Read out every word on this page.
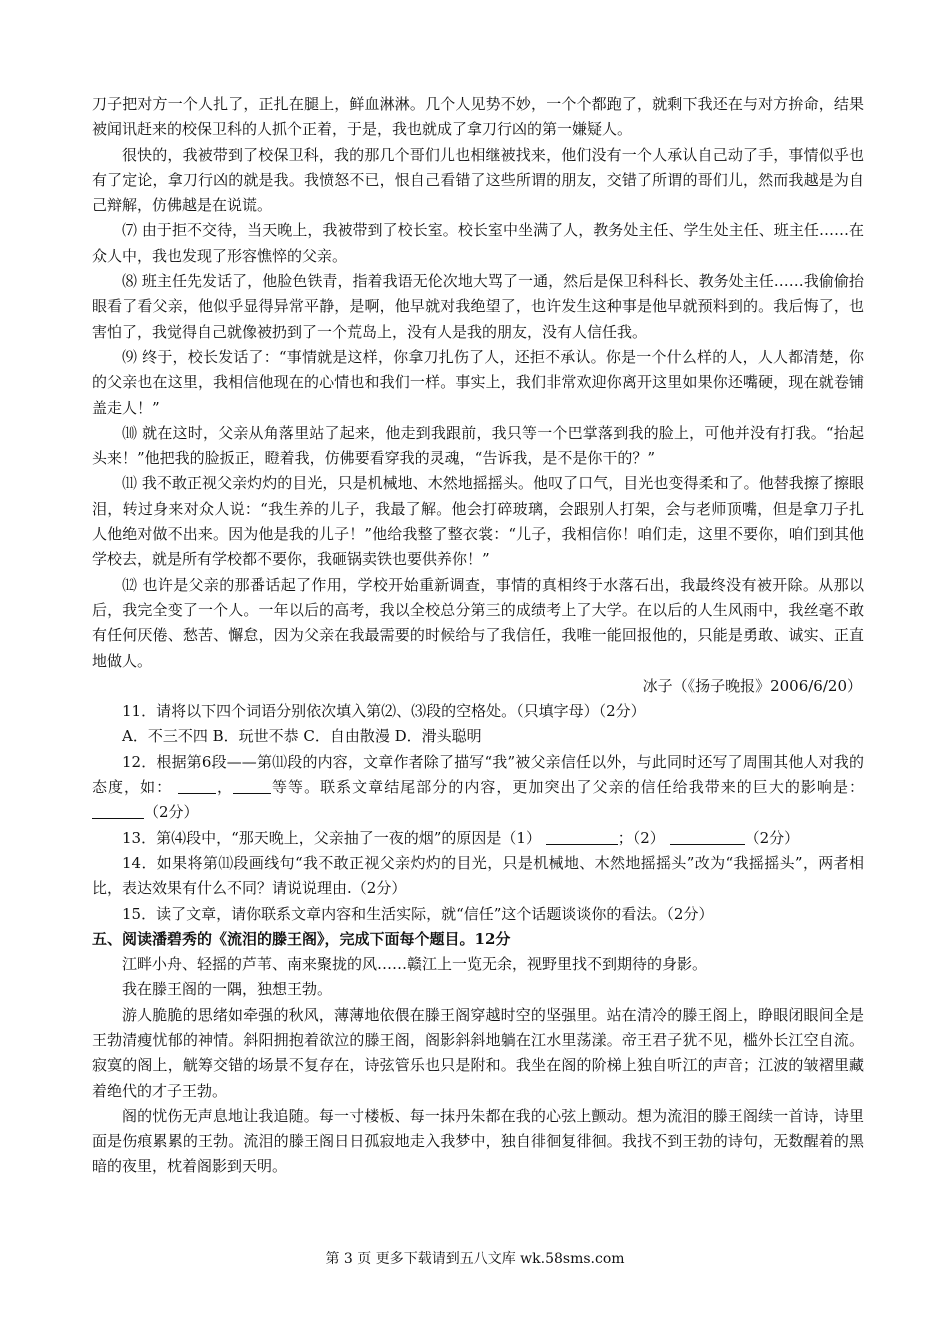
刀子把对方一个人扎了，正扎在腿上，鲜血淋淋。几个人见势不妙，一个个都跑了，就剩下我还在与对方拚命，结果被闻讯赶来的校保卫科的人抓个正着，于是，我也就成了拿刀行凶的第一嫌疑人。

很快的，我被带到了校保卫科，我的那几个哥们儿也相继被找来，他们没有一个人承认自己动了手，事情似乎也有了定论，拿刀行凶的就是我。我愤怒不已，恨自己看错了这些所谓的朋友，交错了所谓的哥们儿，然而我越是为自己辩解，仿佛越是在说谎。

⑺ 由于拒不交待，当天晚上，我被带到了校长室。校长室中坐满了人，教务处主任、学生处主任、班主任……在众人中，我也发现了形容憔悴的父亲。

⑻ 班主任先发话了，他脸色铁青，指着我语无伦次地大骂了一通，然后是保卫科科长、教务处主任……我偷偷抬眼看了看父亲，他似乎显得异常平静，是啊，他早就对我绝望了，也许发生这种事是他早就预料到的。我后悔了，也害怕了，我觉得自己就像被扔到了一个荒岛上，没有人是我的朋友，没有人信任我。

⑼ 终于，校长发话了：“事情就是这样，你拿刀扎伤了人，还拒不承认。你是一个什么样的人，人人都清楚，你的父亲也在这里，我相信他现在的心情也和我们一样。事实上，我们非常欢迎你离开这里如果你还嘴硬，现在就卷铺盖走人！”

⑽ 就在这时，父亲从角落里站了起来，他走到我跟前，我只等一个巴掌落到我的脸上，可他并没有打我。“抬起头来！”他把我的脸扳正，瞪着我，仿佛要看穿我的灵魂，“告诉我，是不是你干的？”

⑾ 我不敢正视父亲灼灼的目光，只是机械地、木然地摇摇头。他叹了口气，目光也变得柔和了。他替我擦了擦眼泪，转过身来对众人说：“我生养的儿子，我最了解。他会打碎玻璃，会跟别人打架，会与老师顶嘴，但是拿刀子扎人他绝对做不出来。因为他是我的儿子！”他给我整了整衣裳：“儿子，我相信你！咱们走，这里不要你，咱们到其他学校去，就是所有学校都不要你，我砸锅卖铁也要供养你！”

⑿ 也许是父亲的那番话起了作用，学校开始重新调查，事情的真相终于水落石出，我最终没有被开除。从那以后，我完全变了一个人。一年以后的高考，我以全校总分第三的成绩考上了大学。在以后的人生风雨中，我丝毫不敢有任何厌倦、愁苦、懈怠，因为父亲在我最需要的时候给与了我信任，我唯一能回报他的，只能是勇敢、诚实、正直地做人。

冰子（《扬子晚报》2006/6/20）

11．请将以下四个词语分别依次填入第⑵、⑶段的空格处。（只填字母）（2分）

A．不三不四 B．玩世不恭 C．自由散漫 D．滑头聪明

12．根据第6段——第⑾段的内容，文章作者除了描写“我”被父亲信任以外，与此同时还写了周围其他人对我的态度，如：	，	等等。联系文章结尾部分的内容，更加突出了父亲的信任给我带来的巨大的影响是： （2分）

13．第⑷段中，“那天晚上，父亲抽了一夜的烟”的原因是（1）	；（2）	（2分）

14．如果将第⑾段画线句“我不敢正视父亲灼灼的目光，只是机械地、木然地摇摇头”改为“我摇摇头”，两者相比，表达效果有什么不同？请说说理由.（2分）

15．读了文章，请你联系文章内容和生活实际，就“信任”这个话题谈谈你的看法。（2分）

五、阅读潘碧秀的《流泪的滕王阁》，完成下面每个题目。12分

江畔小舟、轻摇的芦苇、南来聚拢的风……赣江上一览无余，视野里找不到期待的身影。

我在滕王阁的一隅，独想王勃。

游人脆脆的思绪如牵强的秋风，薄薄地依偎在滕王阁穿越时空的坚强里。站在清冷的滕王阁上，睁眼闭眼间全是王勃清瘦忧郁的神情。斜阳拥抱着欲泣的滕王阁，阁影斜斜地躺在江水里荡漾。帝王君子犹不见，槛外长江空自流。寂寞的阁上，觥筹交错的场景不复存在，诗弦管乐也只是附和。我坐在阁的阶梯上独自听江的声音；江波的皱褶里藏着绝代的才子王勃。

阁的忧伤无声息地让我追随。每一寸楼板、每一抹丹朱都在我的心弦上颤动。想为流泪的滕王阁续一首诗，诗里面是伤痕累累的王勃。流泪的滕王阁日日孤寂地走入我梦中，独自徘徊复徘徊。我找不到王勃的诗句，无数醒着的黑暗的夜里，枕着阁影到天明。

第 3 页 更多下载请到五八文库 wk.58sms.com
